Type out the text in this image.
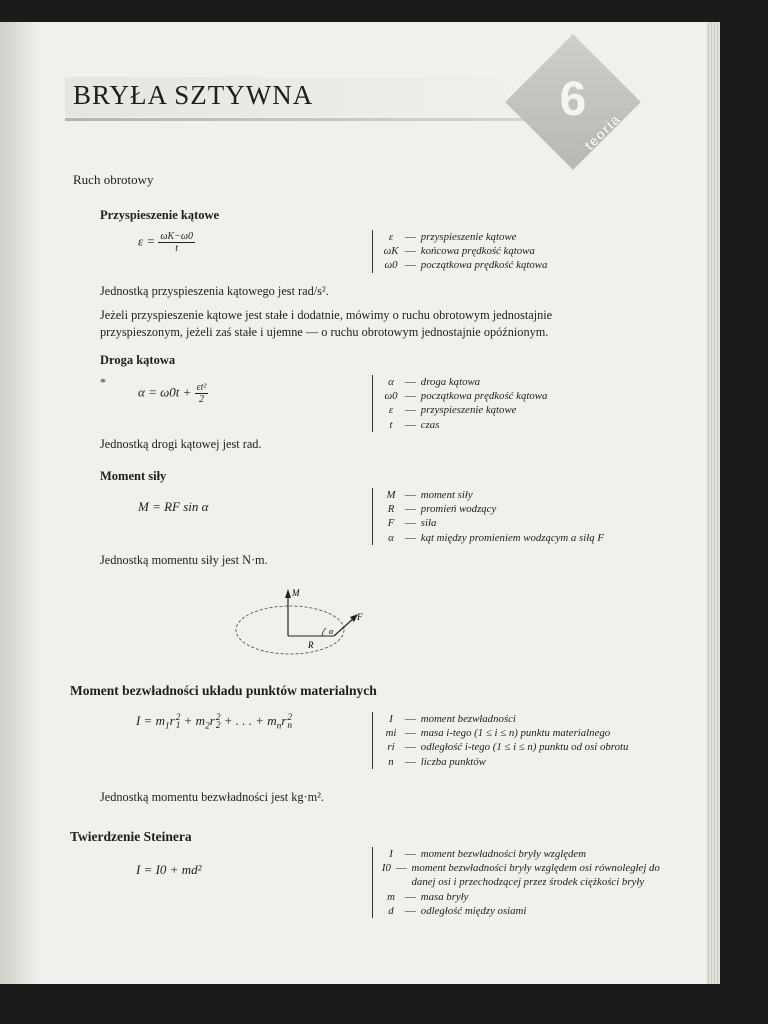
BRYŁA SZTYWNA	6
teoria
Ruch obrotowy
Przyspieszenie kątowe
$\varepsilon = \frac{\omega K-\omega 0}{t}$	ε	— przyspieszenie kątowe
ωK — końcowa prędkość kątowa
ω0 — początkowa prędkość kątowa
Jednostką przyspieszenia kątowego jest rad/s².
Jeżeli przyspieszenie kątowe jest stałe i dodatnie, mówimy o ruchu obrotowym jednostajnie
przyspieszonym, jeżeli zaś stałe i ujemne — o ruchu obrotowym jednostajnie opóźnionym.
Droga kątowa
*
$\alpha = \omega 0t + \frac{\text{εt²}}{2}$	α	— droga kątowa
ω0 — początkowa prędkość kątowa
ε	— przyspieszenie kątowe
t	— czas
Jednostką drogi kątowej jest rad.
Moment siły
M = RF sin α
M — moment siły
R — promień wodzący
F — siła
α	— kąt między promieniem wodzącym a siłą F
Jednostką momentu siły jest N·m.
M
R
F
α
Moment bezwładności układu punktów materialnych
$I = m_1r$ 2
$1 + m_2r$ 2
2 + . . . + $m_nr$ 2
n
I	— moment bezwładności
mi — masa i-tego (1 ≤ i ≤ n) punktu materialnego
ri — odległość i-tego (1 ≤ i ≤ n) punktu od osi obrotu
n	— liczba punktów
Jednostką momentu bezwładności jest kg·m².
Twierdzenie Steinera
I = I0 + md²
I	— moment bezwładności bryły względem
I0 — moment bezwładności bryły względem osi równoległej do danej osi i przechodzącej przez środek ciężkości bryły
m — masa bryły
d	— odległość między osiami
